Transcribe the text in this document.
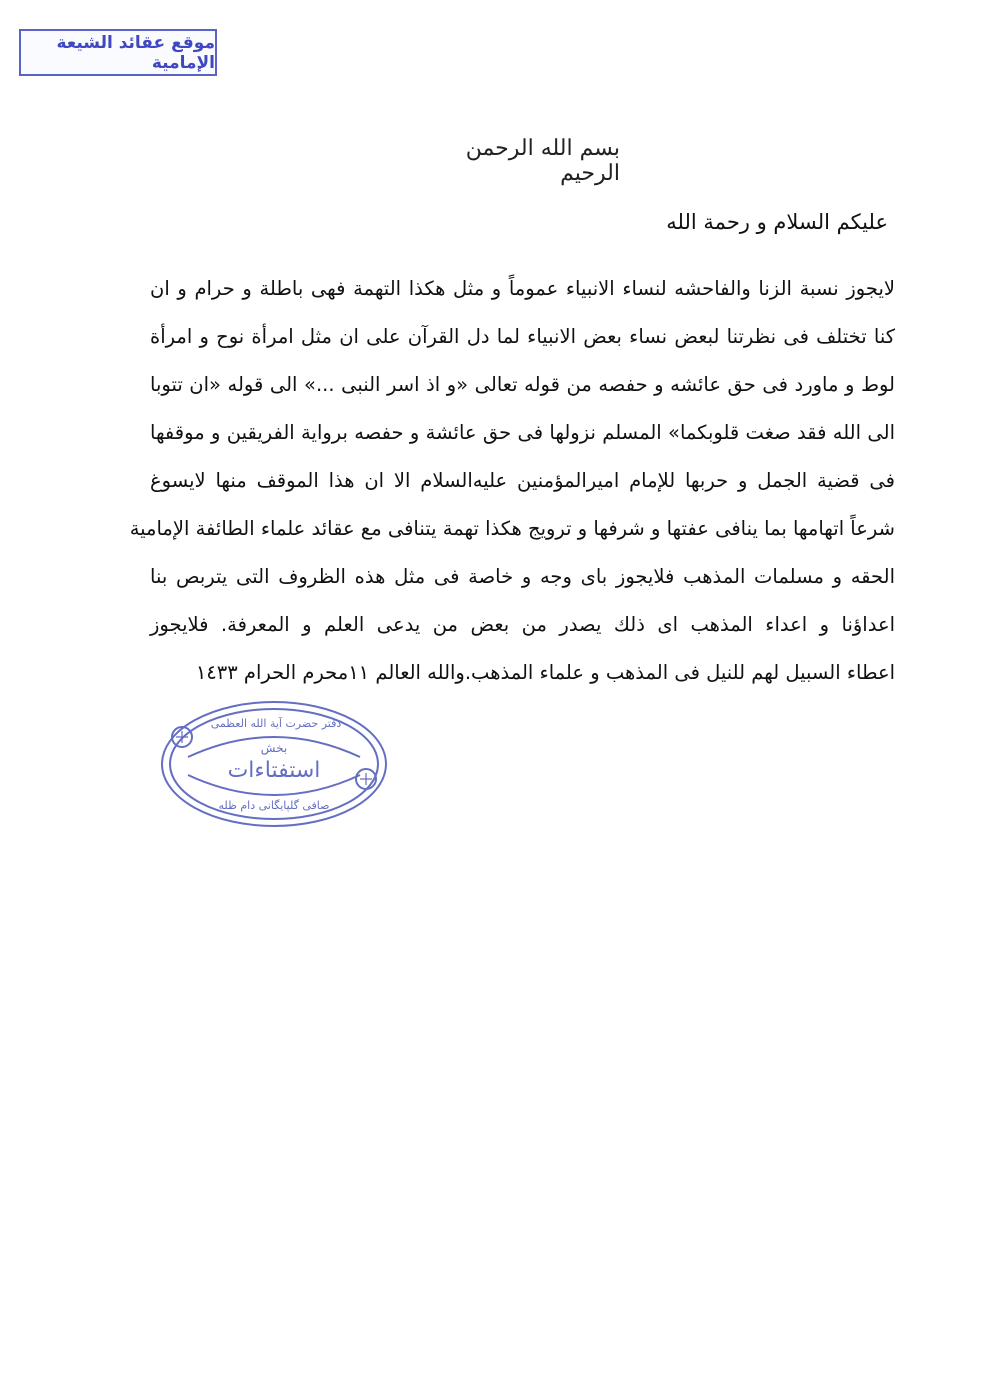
موقع عقائد الشيعة الإمامية
بسم الله الرحمن الرحيم
عليكم السلام و رحمة الله
لايجوز نسبة الزنا والفاحشه لنساء الانبياء عموماً و مثل هكذا التهمة فهى باطلة و حرام و ان
كنا تختلف فى نظرتنا لبعض نساء بعض الانبياء لما دل القرآن على ان مثل امرأة نوح و امرأة
لوط و ماورد فى حق عائشه و حفصه من قوله تعالى «و اذ اسر النبى ...» الى قوله «ان تتوبا
الى الله فقد صغت قلوبكما» المسلم نزولها فى حق عائشة و حفصه برواية الفريقين و موقفها
فى قضية الجمل و حربها للإمام اميرالمؤمنين عليه‌السلام الا ان هذا الموقف منها لايسوغ
شرعاً اتهامها بما ينافى عفتها و شرفها و ترويج هكذا تهمة يتنافى مع عقائد علماء الطائفة الإمامية
الحقه و مسلمات المذهب فلايجوز باى وجه و خاصة فى مثل هذه الظروف التى يتربص بنا
اعداؤنا و اعداء المذهب اى ذلك يصدر من بعض من يدعى العلم و المعرفة. فلايجوز
اعطاء السبيل لهم للنيل فى المذهب و علماء المذهب.والله العالم ١١محرم الحرام ١٤٣٣
دفتر حضرت آية الله العظمى
بخش
استفتاءات
صافى گلپايگانى دام ظله
